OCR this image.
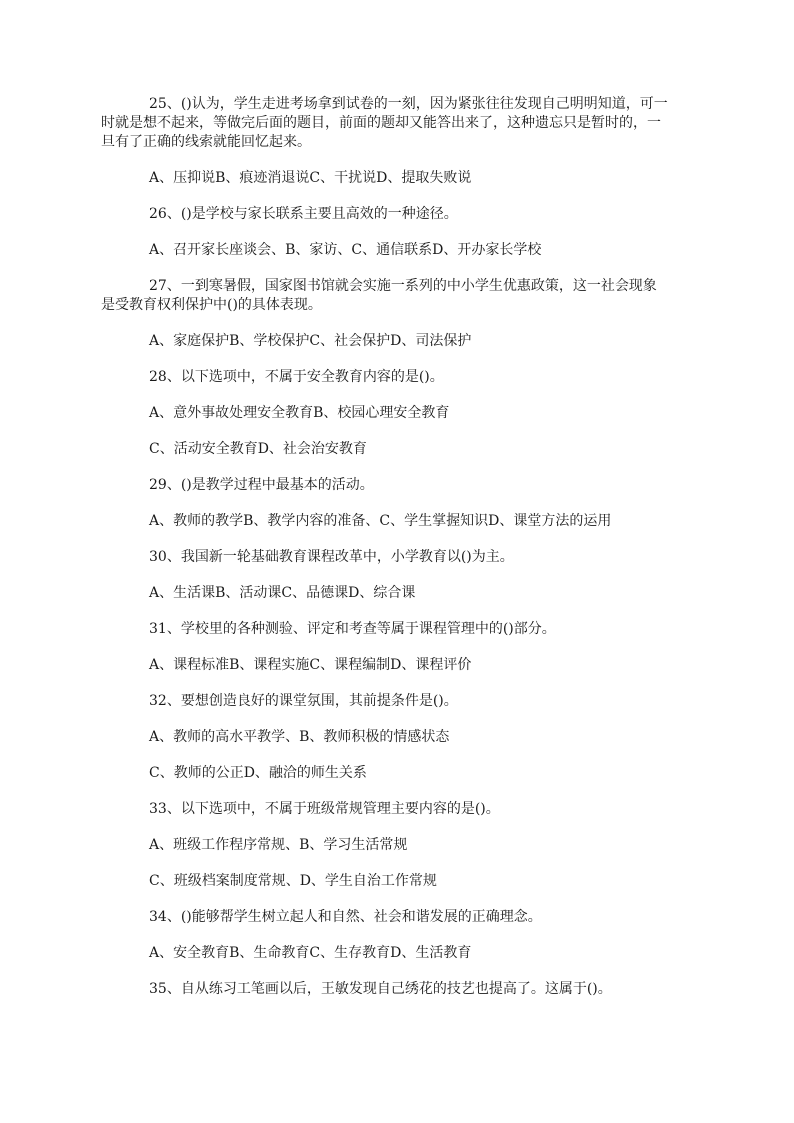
25、()认为，学生走进考场拿到试卷的一刻，因为紧张往往发现自己明明知道，可一时就是想不起来，等做完后面的题目，前面的题却又能答出来了，这种遗忘只是暂时的，一旦有了正确的线索就能回忆起来。

A、压抑说B、痕迹消退说C、干扰说D、提取失败说

26、()是学校与家长联系主要且高效的一种途径。

A、召开家长座谈会、B、家访、C、通信联系D、开办家长学校

27、一到寒暑假，国家图书馆就会实施一系列的中小学生优惠政策，这一社会现象是受教育权利保护中()的具体表现。

A、家庭保护B、学校保护C、社会保护D、司法保护

28、以下选项中，不属于安全教育内容的是()。

A、意外事故处理安全教育B、校园心理安全教育

C、活动安全教育D、社会治安教育

29、()是教学过程中最基本的活动。

A、教师的教学B、教学内容的准备、C、学生掌握知识D、课堂方法的运用

30、我国新一轮基础教育课程改革中，小学教育以()为主。

A、生活课B、活动课C、品德课D、综合课

31、学校里的各种测验、评定和考查等属于课程管理中的()部分。

A、课程标准B、课程实施C、课程编制D、课程评价

32、要想创造良好的课堂氛围，其前提条件是()。

A、教师的高水平教学、B、教师积极的情感状态

C、教师的公正D、融洽的师生关系

33、以下选项中，不属于班级常规管理主要内容的是()。

A、班级工作程序常规、B、学习生活常规

C、班级档案制度常规、D、学生自治工作常规

34、()能够帮学生树立起人和自然、社会和谐发展的正确理念。

A、安全教育B、生命教育C、生存教育D、生活教育

35、自从练习工笔画以后，王敏发现自己绣花的技艺也提高了。这属于()。
